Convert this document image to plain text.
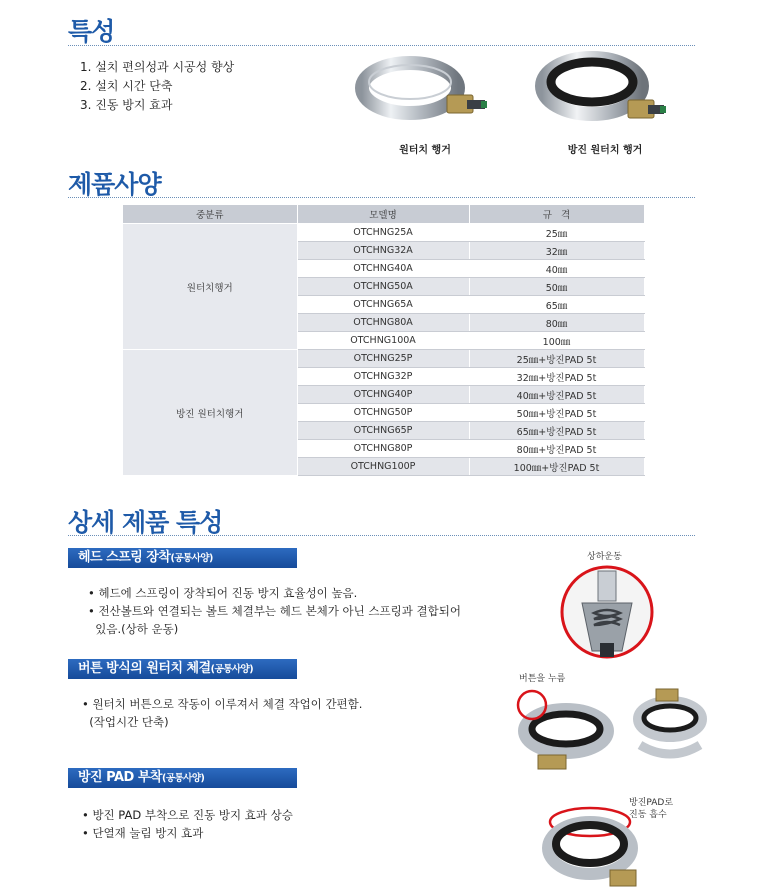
특성
1. 설치 편의성과 시공성 향상
2. 설치 시간 단축
3. 진동 방지 효과
원터치 행거	방진 원터치 행거
제품사양
중분류	모델명	규   격
원터치행거	OTCHNG25A	25㎜
	OTCHNG32A	32㎜
	OTCHNG40A	40㎜
	OTCHNG50A	50㎜
	OTCHNG65A	65㎜
	OTCHNG80A	80㎜
	OTCHNG100A	100㎜
방진 원터치행거	OTCHNG25P	25㎜+방진PAD 5t
	OTCHNG32P	32㎜+방진PAD 5t
	OTCHNG40P	40㎜+방진PAD 5t
	OTCHNG50P	50㎜+방진PAD 5t
	OTCHNG65P	65㎜+방진PAD 5t
	OTCHNG80P	80㎜+방진PAD 5t
	OTCHNG100P	100㎜+방진PAD 5t
상세 제품 특성
헤드 스프링 장착(공통사양)
• 헤드에 스프링이 장착되어 진동 방지 효율성이 높음.
• 전산볼트와 연결되는 볼트 체결부는 헤드 본체가 아닌 스프링과 결합되어
있음.(상하 운동)
상하운동
버튼 방식의 원터치 체결(공통사양)
• 원터치 버튼으로 작동이 이루져서 체결 작업이 간편함.
(작업시간 단축)
버튼을 누름
방진 PAD 부착(공통사양)
• 방진 PAD 부착으로 진동 방지 효과 상승
• 단열재 눌림 방지 효과
방진PAD로
진동 흡수
